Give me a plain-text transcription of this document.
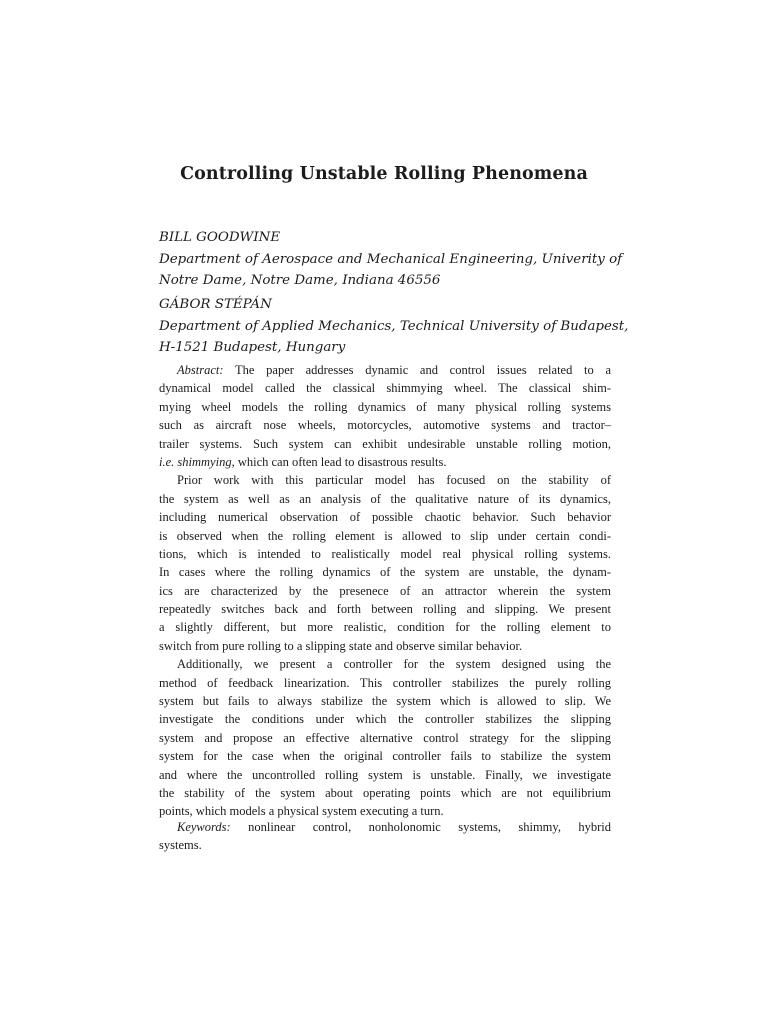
Controlling Unstable Rolling Phenomena
BILL GOODWINE
Department of Aerospace and Mechanical Engineering, Univerity of
Notre Dame, Notre Dame, Indiana 46556
GÁBOR STÉPÁN
Department of Applied Mechanics, Technical University of Budapest,
H-1521 Budapest, Hungary
Abstract: The paper addresses dynamic and control issues related to a
dynamical model called the classical shimmying wheel. The classical shim-
mying wheel models the rolling dynamics of many physical rolling systems
such as aircraft nose wheels, motorcycles, automotive systems and tractor–
trailer systems. Such system can exhibit undesirable unstable rolling motion,
i.e. shimmying, which can often lead to disastrous results.
Prior work with this particular model has focused on the stability of
the system as well as an analysis of the qualitative nature of its dynamics,
including numerical observation of possible chaotic behavior. Such behavior
is observed when the rolling element is allowed to slip under certain condi-
tions, which is intended to realistically model real physical rolling systems.
In cases where the rolling dynamics of the system are unstable, the dynam-
ics are characterized by the presenece of an attractor wherein the system
repeatedly switches back and forth between rolling and slipping. We present
a slightly different, but more realistic, condition for the rolling element to
switch from pure rolling to a slipping state and observe similar behavior.
Additionally, we present a controller for the system designed using the
method of feedback linearization. This controller stabilizes the purely rolling
system but fails to always stabilize the system which is allowed to slip. We
investigate the conditions under which the controller stabilizes the slipping
system and propose an effective alternative control strategy for the slipping
system for the case when the original controller fails to stabilize the system
and where the uncontrolled rolling system is unstable. Finally, we investigate
the stability of the system about operating points which are not equilibrium
points, which models a physical system executing a turn.
Keywords: nonlinear control, nonholonomic systems, shimmy, hybrid
systems.
